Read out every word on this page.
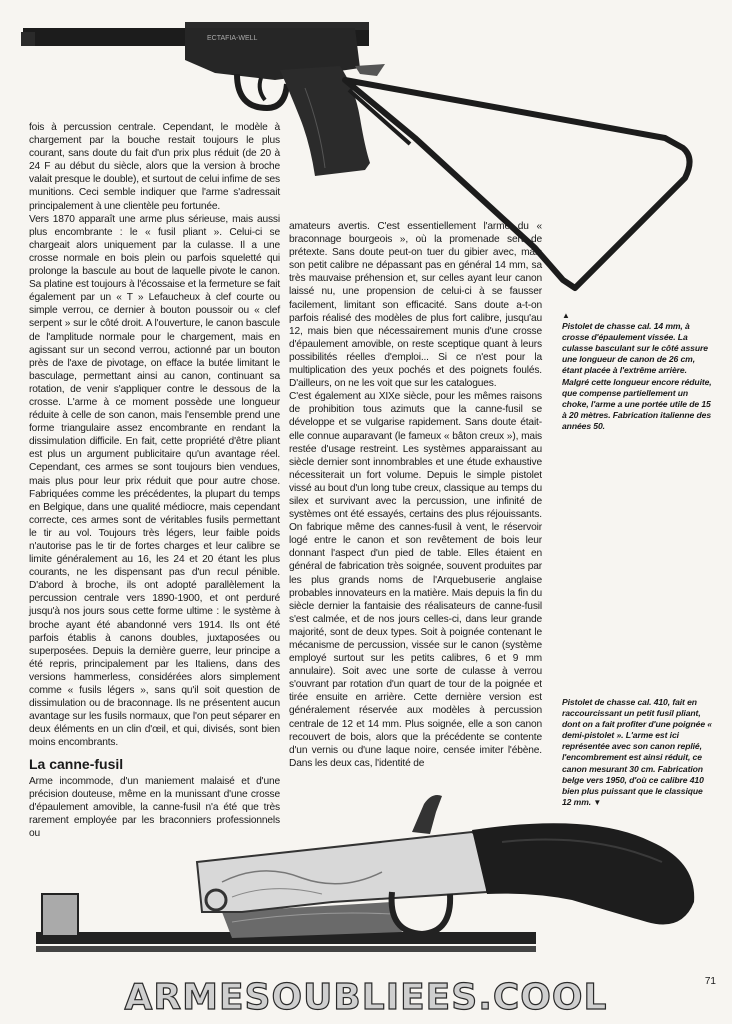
ECTAFIA-WELL

fois à percussion centrale. Cependant, le modèle à chargement par la bouche restait toujours le plus courant, sans doute du fait d'un prix plus réduit (de 20 à 24 F au début du siècle, alors que la version à broche valait presque le double), et surtout de celui infime de ses munitions. Ceci semble indiquer que l'arme s'adressait principalement à une clientèle peu fortunée.

Vers 1870 apparaît une arme plus sérieuse, mais aussi plus encombrante : le « fusil pliant ». Celui-ci se chargeait alors uniquement par la culasse. Il a une crosse normale en bois plein ou parfois squeletté qui prolonge la bascule au bout de laquelle pivote le canon. Sa platine est toujours à l'écossaise et la fermeture se fait également par un « T » Lefaucheux à clef courte ou simple verrou, ce dernier à bouton poussoir ou « clef serpent » sur le côté droit. A l'ouverture, le canon bascule de l'amplitude normale pour le chargement, mais en agissant sur un second verrou, actionné par un bouton près de l'axe de pivotage, on efface la butée limitant le basculage, permettant ainsi au canon, continuant sa rotation, de venir s'appliquer contre le dessous de la crosse. L'arme à ce moment possède une longueur réduite à celle de son canon, mais l'ensemble prend une forme triangulaire assez encombrante en rendant la dissimulation difficile. En fait, cette propriété d'être pliant est plus un argument publicitaire qu'un avantage réel. Cependant, ces armes se sont toujours bien vendues, mais plus pour leur prix réduit que pour autre chose. Fabriquées comme les précédentes, la plupart du temps en Belgique, dans une qualité médiocre, mais cependant correcte, ces armes sont de véritables fusils permettant le tir au vol. Toujours très légers, leur faible poids n'autorise pas le tir de fortes charges et leur calibre se limite généralement au 16, les 24 et 20 étant les plus courants, ne les dispensant pas d'un recul pénible. D'abord à broche, ils ont adopté parallèlement la percussion centrale vers 1890-1900, et ont perduré jusqu'à nos jours sous cette forme ultime : le système à broche ayant été abandonné vers 1914. Ils ont été parfois établis à canons doubles, juxtaposées ou superposées. Depuis la dernière guerre, leur principe a été repris, principalement par les Italiens, dans des versions hammerless, considérées alors simplement comme « fusils légers », sans qu'il soit question de dissimulation ou de braconnage. Ils ne présentent aucun avantage sur les fusils normaux, que l'on peut séparer en deux éléments en un clin d'œil, et qui, divisés, sont bien moins encombrants.

La canne-fusil

Arme incommode, d'un maniement malaisé et d'une précision douteuse, même en la munissant d'une crosse d'épaulement amovible, la canne-fusil n'a été que très rarement employée par les braconniers professionnels ou

amateurs avertis. C'est essentiellement l'arme du « braconnage bourgeois », où la promenade sert de prétexte. Sans doute peut-on tuer du gibier avec, mais son petit calibre ne dépassant pas en général 14 mm, sa très mauvaise préhension et, sur celles ayant leur canon laissé nu, une propension de celui-ci à se fausser facilement, limitant son efficacité. Sans doute a-t-on parfois réalisé des modèles de plus fort calibre, jusqu'au 12, mais bien que nécessairement munis d'une crosse d'épaulement amovible, on reste sceptique quant à leurs possibilités réelles d'emploi... Si ce n'est pour la multiplication des yeux pochés et des poignets foulés. D'ailleurs, on ne les voit que sur les catalogues.

C'est également au XIXe siècle, pour les mêmes raisons de prohibition tous azimuts que la canne-fusil se développe et se vulgarise rapidement. Sans doute était-elle connue auparavant (le fameux « bâton creux »), mais restée d'usage restreint. Les systèmes apparaissant au siècle dernier sont innombrables et une étude exhaustive nécessiterait un fort volume. Depuis le simple pistolet vissé au bout d'un long tube creux, classique au temps du silex et survivant avec la percussion, une infinité de systèmes ont été essayés, certains des plus réjouissants. On fabrique même des cannes-fusil à vent, le réservoir logé entre le canon et son revêtement de bois leur donnant l'aspect d'un pied de table. Elles étaient en général de fabrication très soignée, souvent produites par les plus grands noms de l'Arquebuserie anglaise probables innovateurs en la matière. Mais depuis la fin du siècle dernier la fantaisie des réalisateurs de canne-fusil s'est calmée, et de nos jours celles-ci, dans leur grande majorité, sont de deux types. Soit à poignée contenant le mécanisme de percussion, vissée sur le canon (système employé surtout sur les petits calibres, 6 et 9 mm annulaire). Soit avec une sorte de culasse à verrou s'ouvrant par rotation d'un quart de tour de la poignée et tirée ensuite en arrière. Cette dernière version est généralement réservée aux modèles à percussion centrale de 12 et 14 mm. Plus soignée, elle a son canon recouvert de bois, alors que la précédente se contente d'un vernis ou d'une laque noire, censée imiter l'ébène. Dans les deux cas, l'identité de

▲
Pistolet de chasse cal. 14 mm, à crosse d'épaulement vissée. La culasse basculant sur le côté assure une longueur de canon de 26 cm, étant placée à l'extrême arrière. Malgré cette longueur encore réduite, que compense partiellement un choke, l'arme a une portée utile de 15 à 20 mètres. Fabrication italienne des années 50.
Pistolet de chasse cal. 410, fait en raccourcissant un petit fusil pliant, dont on a fait profiter d'une poignée « demi-pistolet ». L'arme est ici représentée avec son canon replié, l'encombrement est ainsi réduit, ce canon mesurant 30 cm. Fabrication belge vers 1950, d'où ce calibre 410 bien plus puissant que le classique 12 mm. ▼
71
ARMESOUBLIEES.COOL
